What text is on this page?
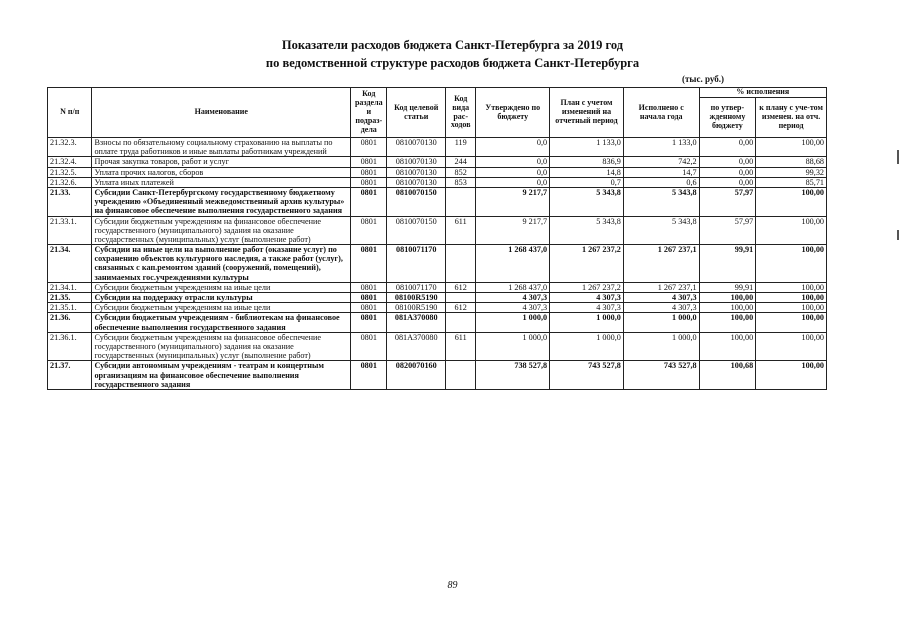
Показатели расходов бюджета Санкт-Петербурга за 2019 год
по ведомственной структуре расходов бюджета Санкт-Петербурга
(тыс. руб.)
N п/п	Наименование	Код раздела и подраз-дела	Код целевой статьи	Код вида рас-ходов	Утверждено по бюджету	План с учетом изменений на отчетный период	Исполнено с начала года	% исполнения	
								по утвер-жденному бюджету	к плану с уче-том изменен. на отч. период
21.32.3.	Взносы по обязательному социальному страхованию на выплаты по оплате труда работников и иные выплаты работникам учреждений	0801	0810070130	119	0,0	1 133,0	1 133,0	0,00	100,00
21.32.4.	Прочая закупка товаров, работ и услуг	0801	0810070130	244	0,0	836,9	742,2	0,00	88,68
21.32.5.	Уплата прочих налогов, сборов	0801	0810070130	852	0,0	14,8	14,7	0,00	99,32
21.32.6.	Уплата иных платежей	0801	0810070130	853	0,0	0,7	0,6	0,00	85,71
21.33.	Субсидии Санкт-Петербургскому государственному бюджетному учреждению «Объединенный межведомственный архив культуры» на финансовое обеспечение выполнения государственного задания	0801	0810070150		9 217,7	5 343,8	5 343,8	57,97	100,00
21.33.1.	Субсидии бюджетным учреждениям на финансовое обеспечение государственного (муниципального) задания на оказание государственных (муниципальных) услуг (выполнение работ)	0801	0810070150	611	9 217,7	5 343,8	5 343,8	57,97	100,00
21.34.	Субсидии на иные цели на выполнение работ (оказание услуг) по сохранению объектов культурного наследия, а также работ (услуг), связанных с кап.ремонтом зданий (сооружений, помещений), занимаемых гос.учреждениями культуры	0801	0810071170		1 268 437,0	1 267 237,2	1 267 237,1	99,91	100,00
21.34.1.	Субсидии бюджетным учреждениям на иные цели	0801	0810071170	612	1 268 437,0	1 267 237,2	1 267 237,1	99,91	100,00
21.35.	Субсидии на поддержку отрасли культуры	0801	08100R5190		4 307,3	4 307,3	4 307,3	100,00	100,00
21.35.1.	Субсидии бюджетным учреждениям на иные цели	0801	08100R5190	612	4 307,3	4 307,3	4 307,3	100,00	100,00
21.36.	Субсидии бюджетным учреждениям - библиотекам на финансовое обеспечение выполнения государственного задания	0801	081А370080		1 000,0	1 000,0	1 000,0	100,00	100,00
21.36.1.	Субсидии бюджетным учреждениям на финансовое обеспечение государственного (муниципального) задания на оказание государственных (муниципальных) услуг (выполнение работ)	0801	081А370080	611	1 000,0	1 000,0	1 000,0	100,00	100,00
21.37.	Субсидии автономным учреждениям - театрам и концертным организациям на финансовое обеспечение выполнения государственного задания	0801	0820070160		738 527,8	743 527,8	743 527,8	100,68	100,00
89
